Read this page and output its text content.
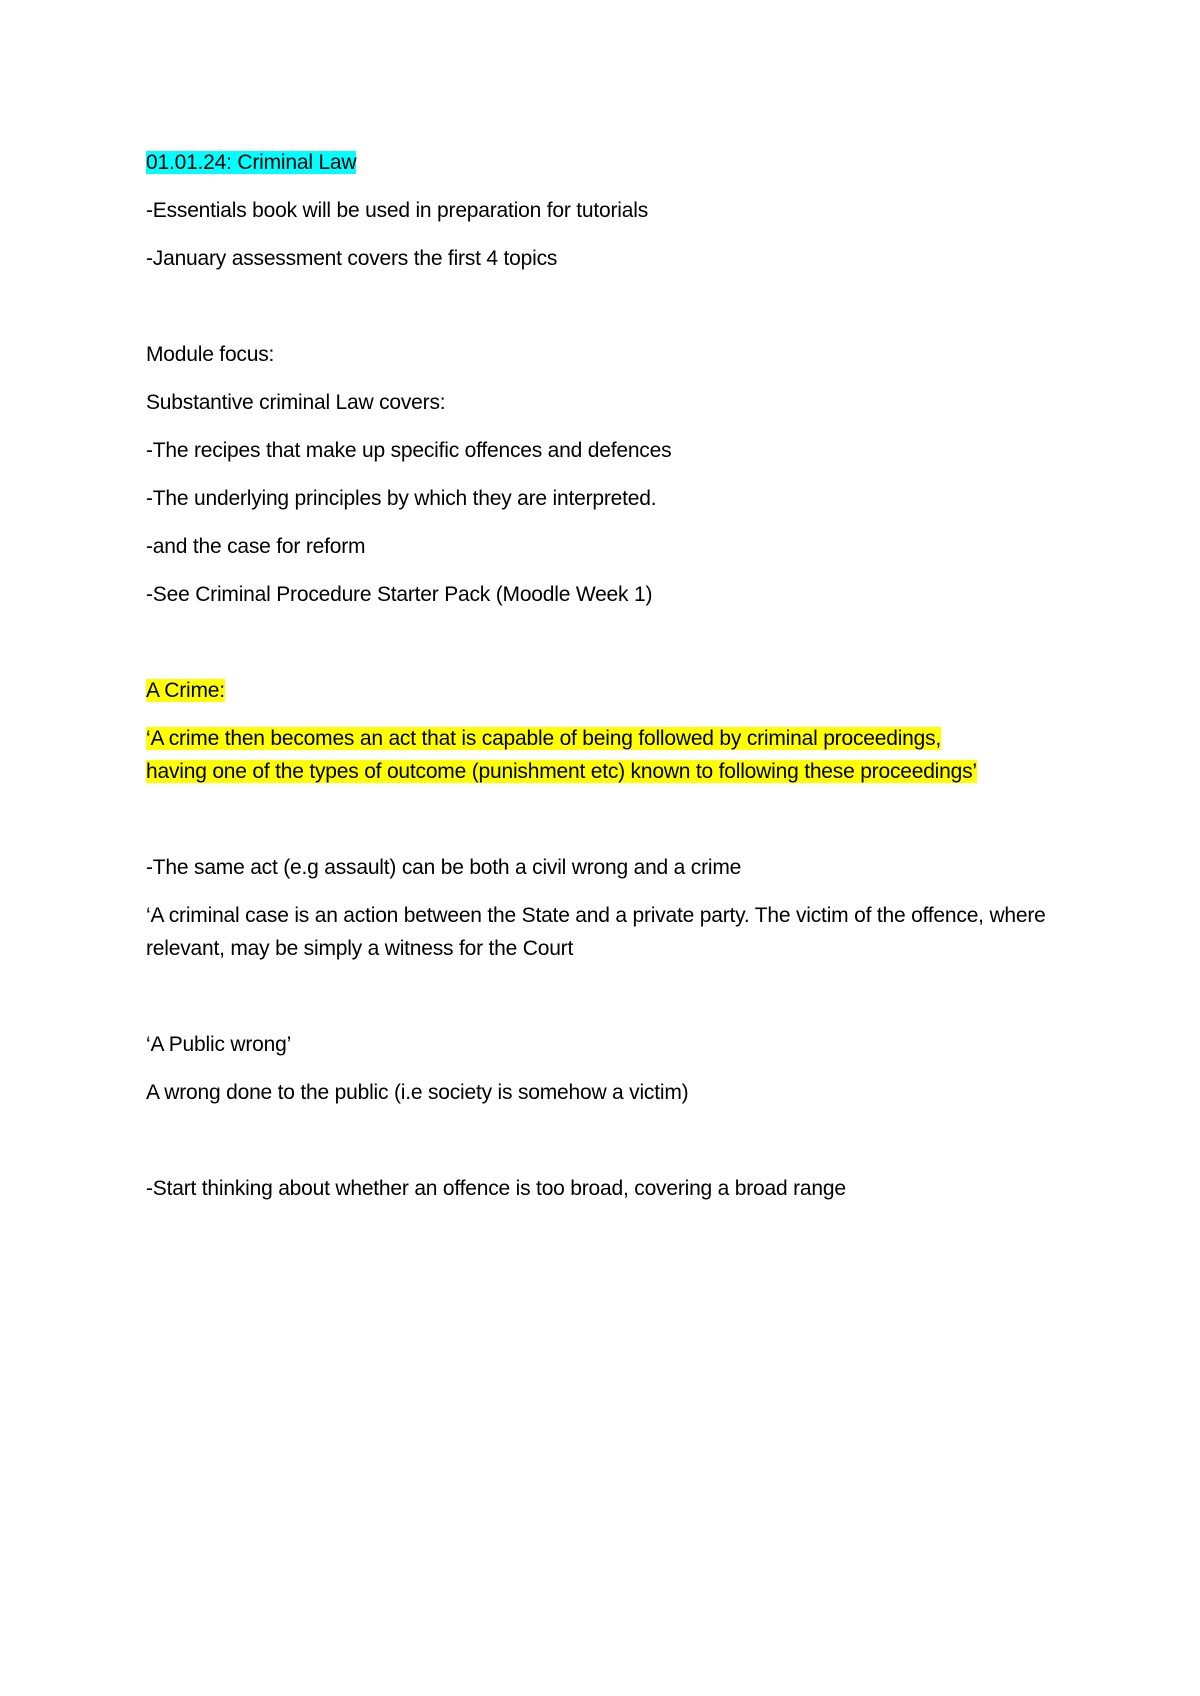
01.01.24: Criminal Law

-Essentials book will be used in preparation for tutorials

-January assessment covers the first 4 topics

Module focus:

Substantive criminal Law covers:

-The recipes that make up specific offences and defences

-The underlying principles by which they are interpreted.

-and the case for reform

-See Criminal Procedure Starter Pack (Moodle Week 1)

A Crime:

‘A crime then becomes an act that is capable of being followed by criminal proceedings,
having one of the types of outcome (punishment etc) known to following these proceedings’

-The same act (e.g assault) can be both a civil wrong and a crime

‘A criminal case is an action between the State and a private party. The victim of the offence, where relevant, may be simply a witness for the Court

‘A Public wrong’

A wrong done to the public (i.e society is somehow a victim)

-Start thinking about whether an offence is too broad, covering a broad range
